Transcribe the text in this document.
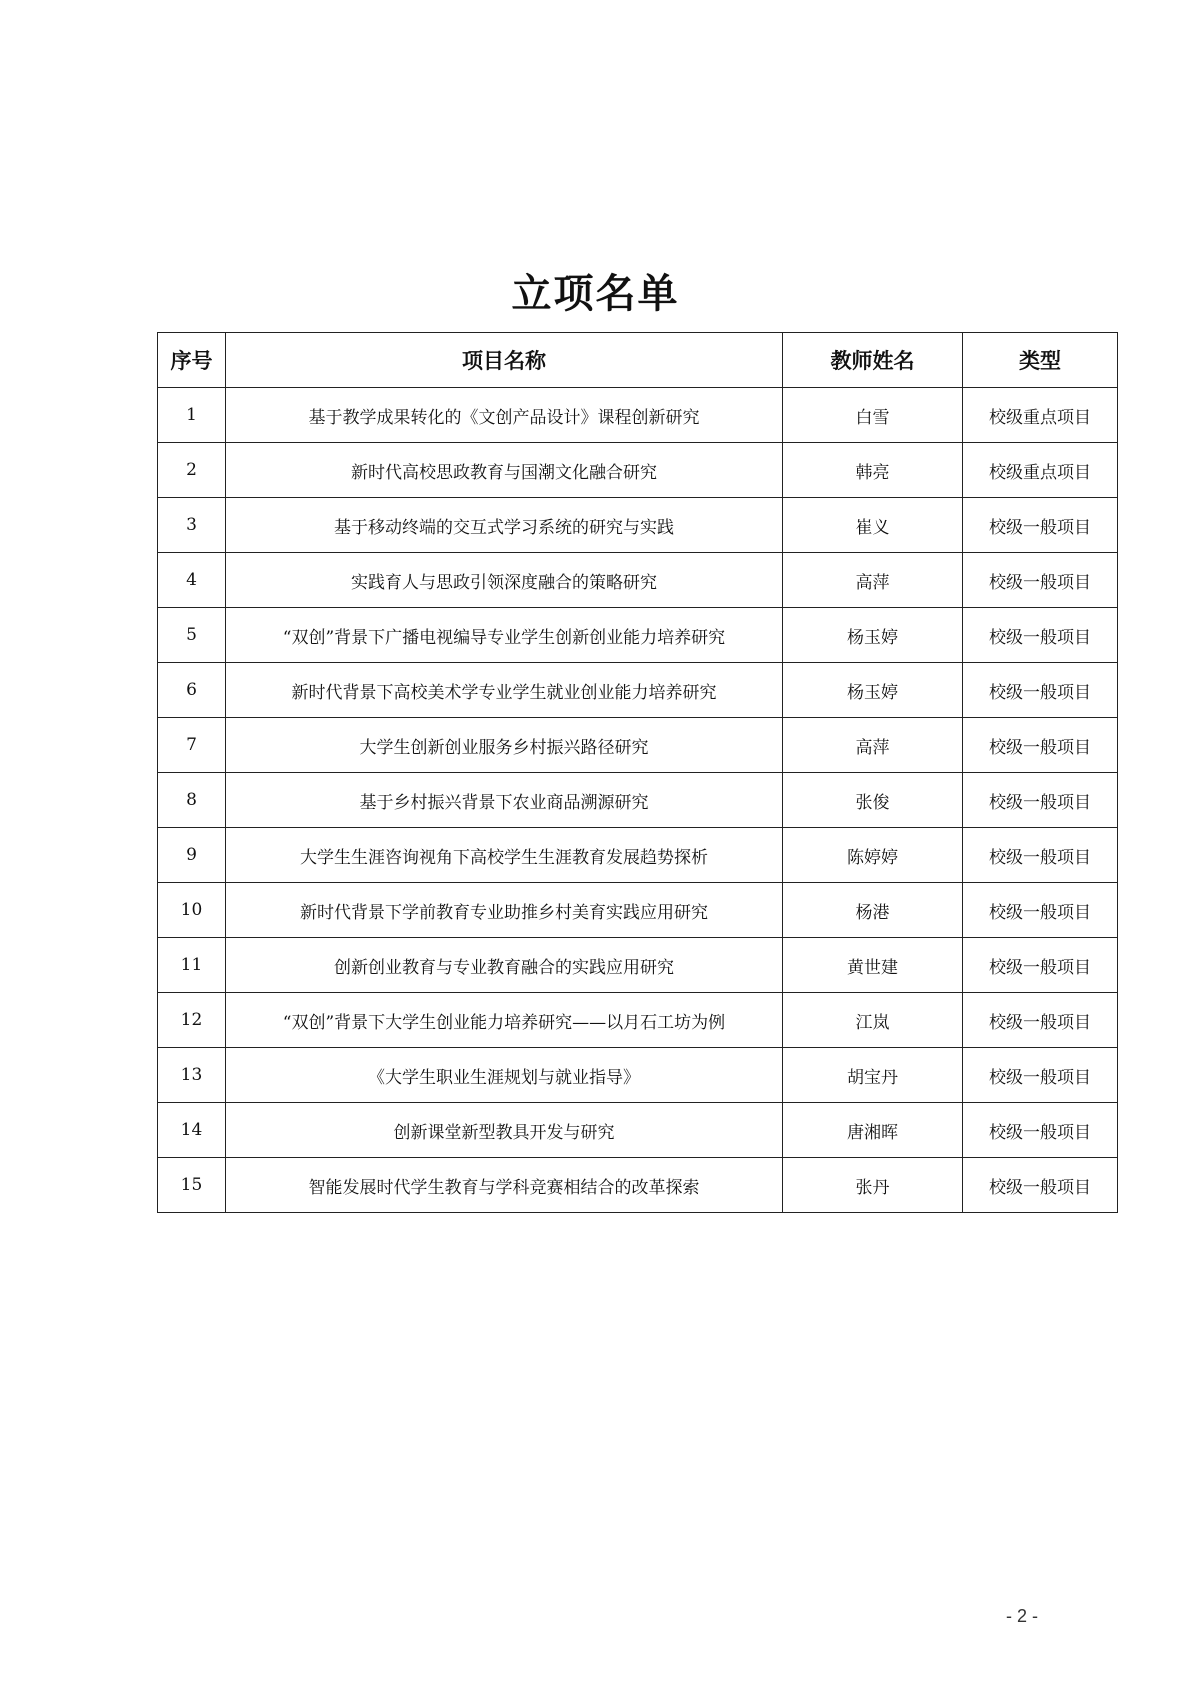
立项名单
序号	项目名称	教师姓名	类型
1	基于教学成果转化的《文创产品设计》课程创新研究	白雪	校级重点项目
2	新时代高校思政教育与国潮文化融合研究	韩亮	校级重点项目
3	基于移动终端的交互式学习系统的研究与实践	崔义	校级一般项目
4	实践育人与思政引领深度融合的策略研究	高萍	校级一般项目
5	“双创”背景下广播电视编导专业学生创新创业能力培养研究	杨玉婷	校级一般项目
6	新时代背景下高校美术学专业学生就业创业能力培养研究	杨玉婷	校级一般项目
7	大学生创新创业服务乡村振兴路径研究	高萍	校级一般项目
8	基于乡村振兴背景下农业商品溯源研究	张俊	校级一般项目
9	大学生生涯咨询视角下高校学生生涯教育发展趋势探析	陈婷婷	校级一般项目
10	新时代背景下学前教育专业助推乡村美育实践应用研究	杨港	校级一般项目
11	创新创业教育与专业教育融合的实践应用研究	黄世建	校级一般项目
12	“双创”背景下大学生创业能力培养研究——以月石工坊为例	江岚	校级一般项目
13	《大学生职业生涯规划与就业指导》	胡宝丹	校级一般项目
14	创新课堂新型教具开发与研究	唐湘晖	校级一般项目
15	智能发展时代学生教育与学科竞赛相结合的改革探索	张丹	校级一般项目
- 2 -
